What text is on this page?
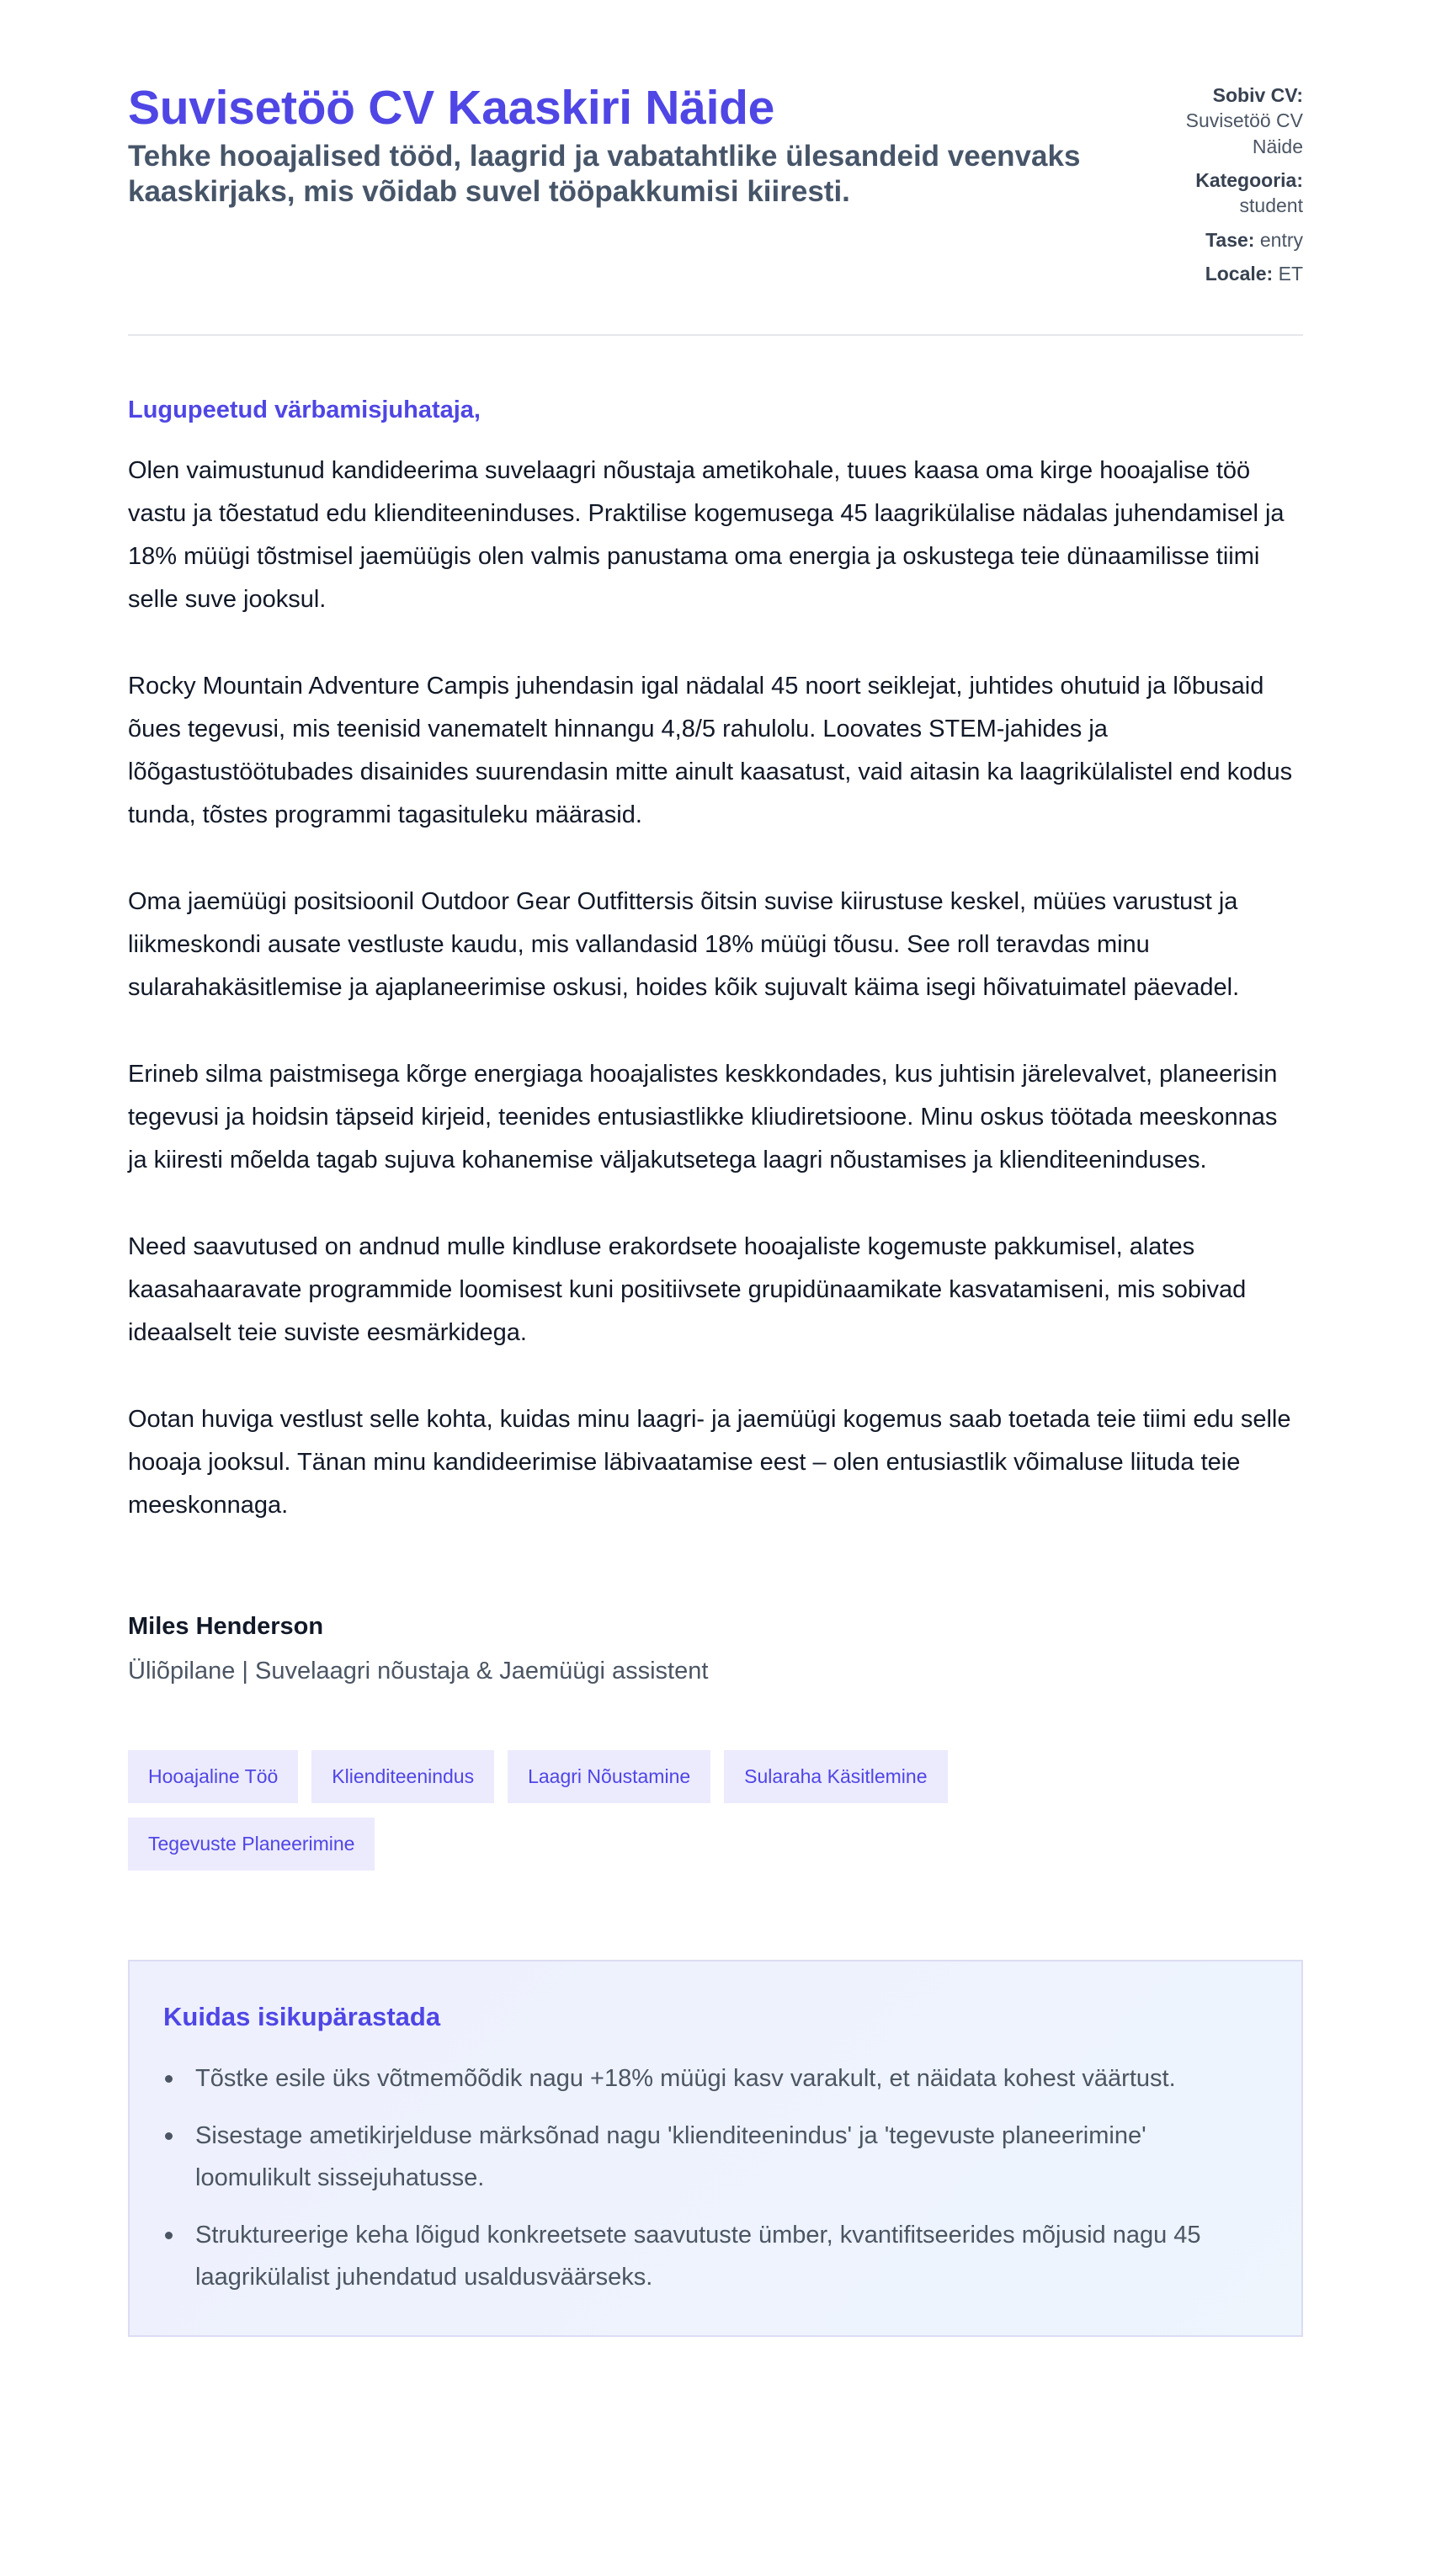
Suvisetöö CV Kaaskiri Näide

Tehke hooajalised tööd, laagrid ja vabatahtlike ülesandeid veenvaks kaaskirjaks, mis võidab suvel tööpakkumisi kiiresti.

Sobiv CV: Suvisetöö CV Näide
Kategooria: student
Tase: entry
Locale: ET

Lugupeetud värbamisjuhataja,

Olen vaimustunud kandideerima suvelaagri nõustaja ametikohale, tuues kaasa oma kirge hooajalise töö vastu ja tõestatud edu klienditeeninduses. Praktilise kogemusega 45 laagrikülalise nädalas juhendamisel ja 18% müügi tõstmisel jaemüügis olen valmis panustama oma energia ja oskustega teie dünaamilisse tiimi selle suve jooksul.

Rocky Mountain Adventure Campis juhendasin igal nädalal 45 noort seiklejat, juhtides ohutuid ja lõbusaid õues tegevusi, mis teenisid vanematelt hinnangu 4,8/5 rahulolu. Loovates STEM-jahides ja lõõgastustöötubades disainides suurendasin mitte ainult kaasatust, vaid aitasin ka laagrikülalistel end kodus tunda, tõstes programmi tagasituleku määrasid.

Oma jaemüügi positsioonil Outdoor Gear Outfittersis õitsin suvise kiirustuse keskel, müües varustust ja liikmeskondi ausate vestluste kaudu, mis vallandasid 18% müügi tõusu. See roll teravdas minu sularahakäsitlemise ja ajaplaneerimise oskusi, hoides kõik sujuvalt käima isegi hõivatuimatel päevadel.

Erineb silma paistmisega kõrge energiaga hooajalistes keskkondades, kus juhtisin järelevalvet, planeerisin tegevusi ja hoidsin täpseid kirjeid, teenides entusiastlikke kliudiretsioone. Minu oskus töötada meeskonnas ja kiiresti mõelda tagab sujuva kohanemise väljakutsetega laagri nõustamises ja klienditeeninduses.

Need saavutused on andnud mulle kindluse erakordsete hooajaliste kogemuste pakkumisel, alates kaasahaaravate programmide loomisest kuni positiivsete grupidünaamikate kasvatamiseni, mis sobivad ideaalselt teie suviste eesmärkidega.

Ootan huviga vestlust selle kohta, kuidas minu laagri- ja jaemüügi kogemus saab toetada teie tiimi edu selle hooaja jooksul. Tänan minu kandideerimise läbivaatamise eest – olen entusiastlik võimaluse liituda teie meeskonnaga.

Miles Henderson
Üliõpilane | Suvelaagri nõustaja & Jaemüügi assistent
Hooajaline Töö	Klienditeenindus	Laagri Nõustamine	Sularaha Käsitlemine
Tegevuste Planeerimine
Kuidas isikupärastada
Tõstke esile üks võtmemõõdik nagu +18% müügi kasv varakult, et näidata kohest väärtust.
Sisestage ametikirjelduse märksõnad nagu 'klienditeenindus' ja 'tegevuste planeerimine' loomulikult sissejuhatusse.
Struktureerige keha lõigud konkreetsete saavutuste ümber, kvantifitseerides mõjusid nagu 45 laagrikülalist juhendatud usaldusväärseks.
